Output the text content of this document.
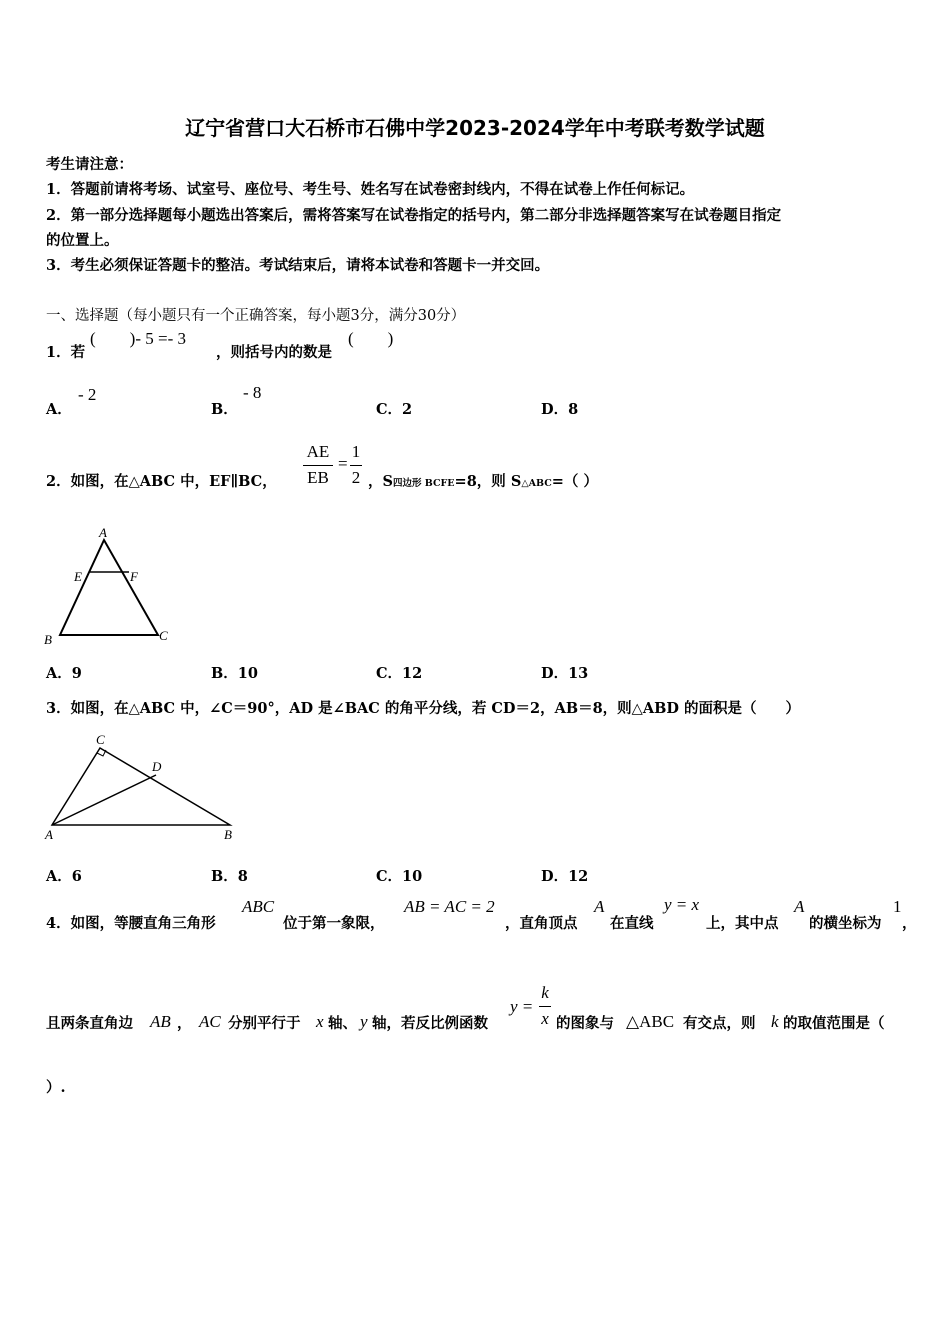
辽宁省营口大石桥市石佛中学2023-2024学年中考联考数学试题
考生请注意：
1．答题前请将考场、试室号、座位号、考生号、姓名写在试卷密封线内，不得在试卷上作任何标记。
2．第一部分选择题每小题选出答案后，需将答案写在试卷指定的括号内，第二部分非选择题答案写在试卷题目指定
的位置上。
3．考生必须保证答题卡的整洁。考试结束后，请将本试卷和答题卡一并交回。
一、选择题（每小题只有一个正确答案，每小题3分，满分30分）
1．若
(　　)- 5 =- 3
，则括号内的数是
(　　)
A．
- 2
B．
- 8
C．2	D．8
2．如图，在△ABC 中，EF∥BC，
AE
EB
=
1
2 ，S四边形 BCFE=8，则 S△ABC=（ ）
A
E	F
B	C
A．9	B．10	C．12	D．13
3．如图，在△ABC 中，∠C＝90°，AD 是∠BAC 的角平分线，若 CD＝2，AB＝8，则△ABD 的面积是（　　）
C
D
A	B
A．6	B．8	C．10	D．12
4．如图，等腰直角三角形
ABC
位于第一象限，
AB = AC = 2
，直角顶点
A
在直线
y = x
上，其中点
A
的横坐标为
1
，
且两条直角边 AB ， AC 分别平行于 x 轴、 y 轴，若反比例函数
y =
k
x 的图象与 △ABC 有交点，则 k 的取值范围是（
）.
